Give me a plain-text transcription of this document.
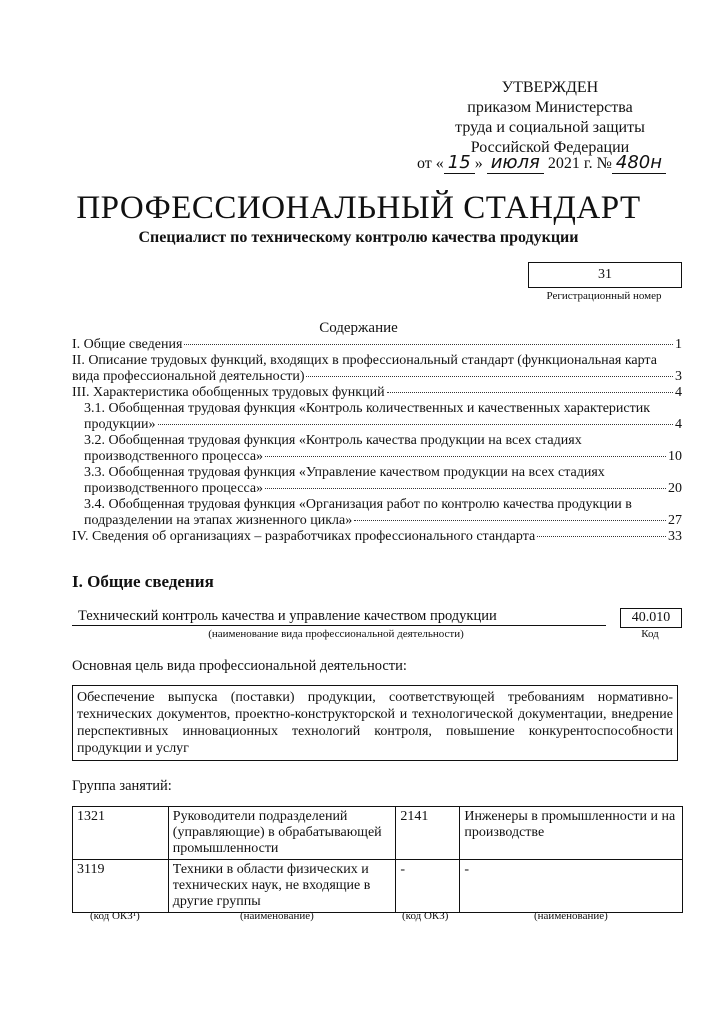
УТВЕРЖДЕН
приказом Министерства
труда и социальной защиты
Российской Федерации
от « 15 » июля 2021 г. № 480н
ПРОФЕССИОНАЛЬНЫЙ СТАНДАРТ
Специалист по техническому контролю качества продукции
31
Регистрационный номер
Содержание
I. Общие сведения	1
II. Описание трудовых функций, входящих в профессиональный стандарт (функциональная карта
вида профессиональной деятельности)	3
III. Характеристика обобщенных трудовых функций	4
3.1. Обобщенная трудовая функция «Контроль количественных и качественных характеристик
продукции»	4
3.2. Обобщенная трудовая функция «Контроль качества продукции на всех стадиях
производственного процесса»	10
3.3. Обобщенная трудовая функция «Управление качеством продукции на всех стадиях
производственного процесса»	20
3.4. Обобщенная трудовая функция «Организация работ по контролю качества продукции в
подразделении на этапах жизненного цикла»	27
IV. Сведения об организациях – разработчиках профессионального стандарта	33
I. Общие сведения
Технический контроль качества и управление качеством продукции
(наименование вида профессиональной деятельности)
40.010
Код
Основная цель вида профессиональной деятельности:
Обеспечение выпуска (поставки) продукции, соответствующей требованиям нормативно-технических документов, проектно-конструкторской и технологической документации, внедрение перспективных инновационных технологий контроля, повышение конкурентоспособности продукции и услуг
Группа занятий:
1321	Руководители подразделений (управляющие) в обрабатывающей промышленности	2141	Инженеры в промышленности и на производстве
3119	Техники в области физических и технических наук, не входящие в другие группы	-	-
(код ОКЗ¹)	(наименование)	(код ОКЗ)	(наименование)
